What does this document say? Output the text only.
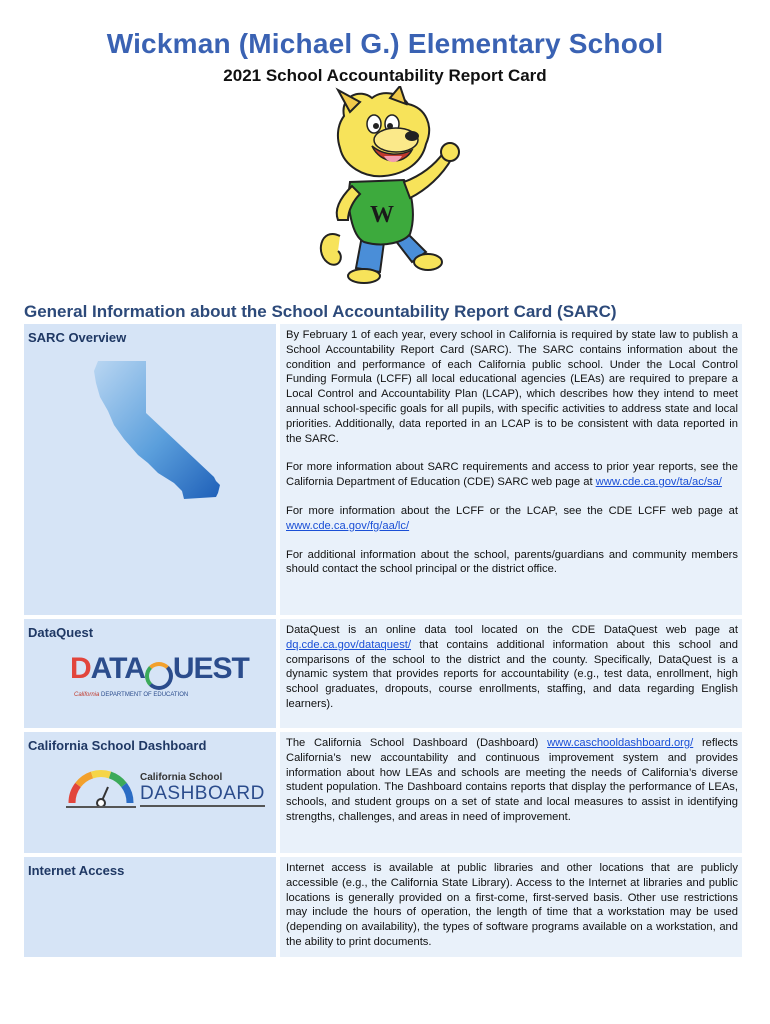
Wickman (Michael G.) Elementary School
2021 School Accountability Report Card
W
General Information about the School Accountability Report Card (SARC)
SARC Overview	By February 1 of each year, every school in California is required by state law to publish a School Accountability Report Card (SARC). The SARC contains information about the condition and performance of each California public school. Under the Local Control Funding Formula (LCFF) all local educational agencies (LEAs) are required to prepare a Local Control and Accountability Plan (LCAP), which describes how they intend to meet annual school-specific goals for all pupils, with specific activities to address state and local priorities. Additionally, data reported in an LCAP is to be consistent with data reported in the SARC.

For more information about SARC requirements and access to prior year reports, see the California Department of Education (CDE) SARC web page at www.cde.ca.gov/ta/ac/sa/

For more information about the LCFF or the LCAP, see the CDE LCFF web page at www.cde.ca.gov/fg/aa/lc/

For additional information about the school, parents/guardians and community members should contact the school principal or the district office.

DataQuest
DATA UEST
California DEPARTMENT OF EDUCATION

DataQuest is an online data tool located on the CDE DataQuest web page at dq.cde.ca.gov/dataquest/ that contains additional information about this school and comparisons of the school to the district and the county. Specifically, DataQuest is a dynamic system that provides reports for accountability (e.g., test data, enrollment, high school graduates, dropouts, course enrollments, staffing, and data regarding English learners).

California School Dashboard
California School
DASHBOARD

The California School Dashboard (Dashboard) www.caschooldashboard.org/ reflects California’s new accountability and continuous improvement system and provides information about how LEAs and schools are meeting the needs of California’s diverse student population. The Dashboard contains reports that display the performance of LEAs, schools, and student groups on a set of state and local measures to assist in identifying strengths, challenges, and areas in need of improvement.

Internet Access	Internet access is available at public libraries and other locations that are publicly accessible (e.g., the California State Library). Access to the Internet at libraries and public locations is generally provided on a first-come, first-served basis. Other use restrictions may include the hours of operation, the length of time that a workstation may be used (depending on availability), the types of software programs available on a workstation, and the ability to print documents.
